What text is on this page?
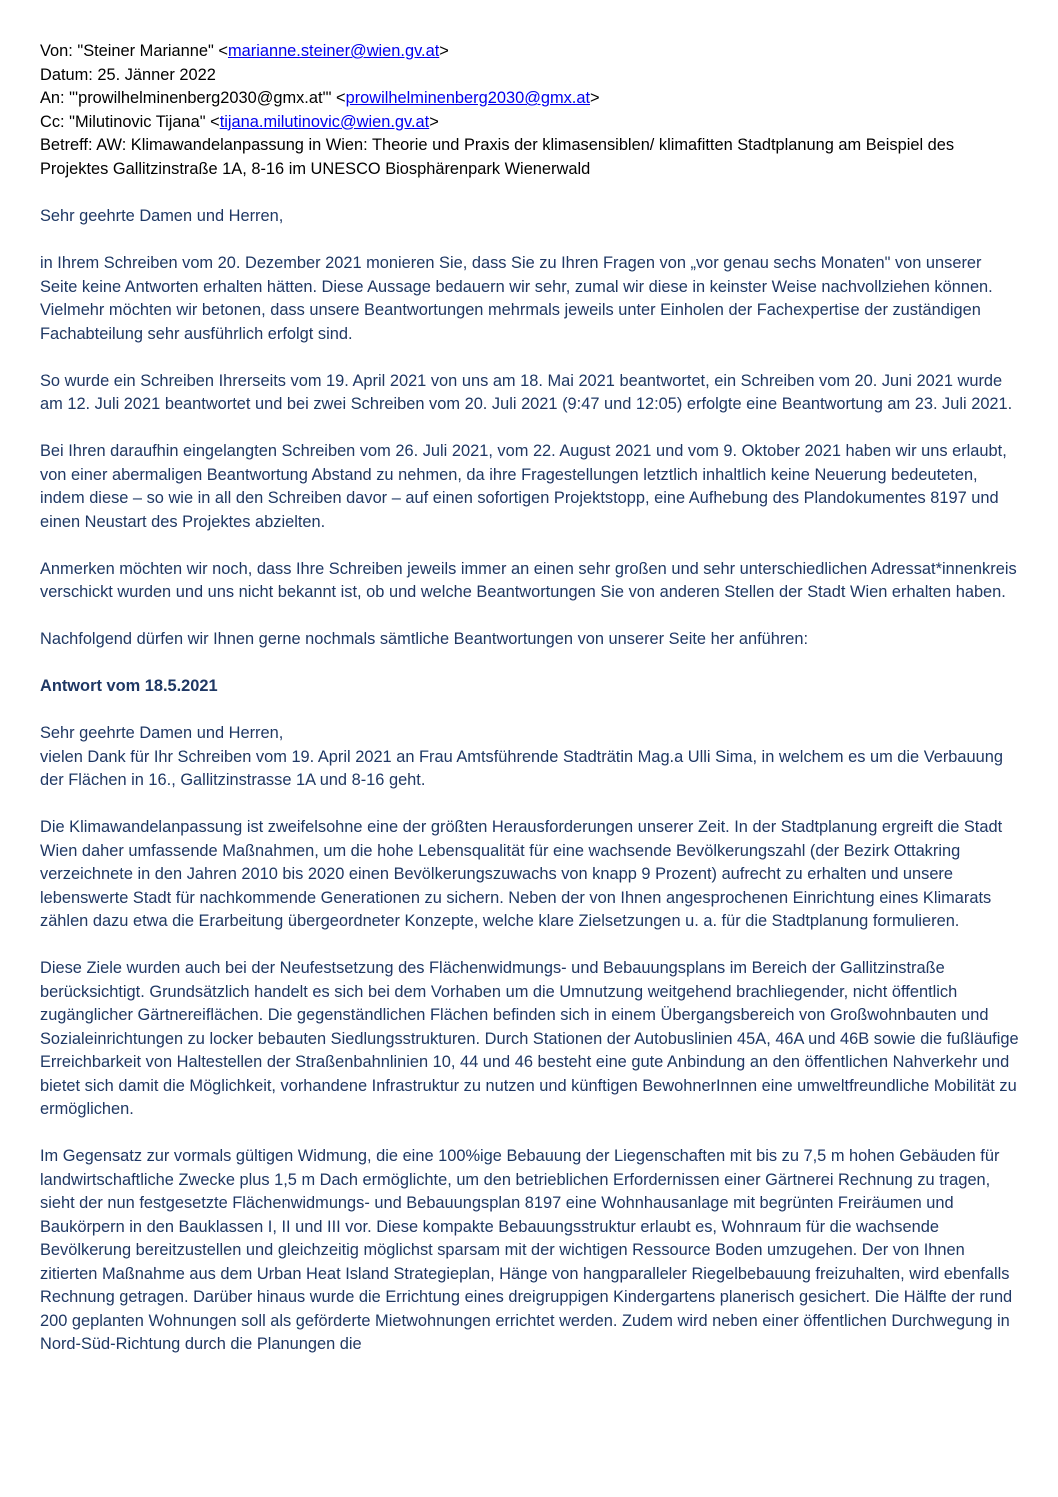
Von: "Steiner Marianne" <marianne.steiner@wien.gv.at>
Datum: 25. Jänner 2022
An: "'prowilhelminenberg2030@gmx.at'" <prowilhelminenberg2030@gmx.at>
Cc: "Milutinovic Tijana" <tijana.milutinovic@wien.gv.at>
Betreff: AW: Klimawandelanpassung in Wien: Theorie und Praxis der klimasensiblen/ klimafitten Stadtplanung am Beispiel des Projektes Gallitzinstraße 1A, 8-16 im UNESCO Biosphärenpark Wienerwald

Sehr geehrte Damen und Herren,

in Ihrem Schreiben vom 20. Dezember 2021 monieren Sie, dass Sie zu Ihren Fragen von „vor genau sechs Monaten" von unserer Seite keine Antworten erhalten hätten. Diese Aussage bedauern wir sehr, zumal wir diese in keinster Weise nachvollziehen können. Vielmehr möchten wir betonen, dass unsere Beantwortungen mehrmals jeweils unter Einholen der Fachexpertise der zuständigen Fachabteilung sehr ausführlich erfolgt sind.

So wurde ein Schreiben Ihrerseits vom 19. April 2021 von uns am 18. Mai 2021 beantwortet, ein Schreiben vom 20. Juni 2021 wurde am 12. Juli 2021 beantwortet und bei zwei Schreiben vom 20. Juli 2021 (9:47 und 12:05) erfolgte eine Beantwortung am 23. Juli 2021.

Bei Ihren daraufhin eingelangten Schreiben vom 26. Juli 2021, vom 22. August 2021 und vom 9. Oktober 2021 haben wir uns erlaubt, von einer abermaligen Beantwortung Abstand zu nehmen, da ihre Fragestellungen letztlich inhaltlich keine Neuerung bedeuteten, indem diese – so wie in all den Schreiben davor – auf einen sofortigen Projektstopp, eine Aufhebung des Plandokumentes 8197 und einen Neustart des Projektes abzielten.

Anmerken möchten wir noch, dass Ihre Schreiben jeweils immer an einen sehr großen und sehr unterschiedlichen Adressat*innenkreis verschickt wurden und uns nicht bekannt ist, ob und welche Beantwortungen Sie von anderen Stellen der Stadt Wien erhalten haben.

Nachfolgend dürfen wir Ihnen gerne nochmals sämtliche Beantwortungen von unserer Seite her anführen:

Antwort vom 18.5.2021

Sehr geehrte Damen und Herren,

vielen Dank für Ihr Schreiben vom 19. April 2021 an Frau Amtsführende Stadträtin Mag.a Ulli Sima, in welchem es um die Verbauung der Flächen in 16., Gallitzinstrasse 1A und 8-16 geht.

Die Klimawandelanpassung ist zweifelsohne eine der größten Herausforderungen unserer Zeit. In der Stadtplanung ergreift die Stadt Wien daher umfassende Maßnahmen, um die hohe Lebensqualität für eine wachsende Bevölkerungszahl (der Bezirk Ottakring verzeichnete in den Jahren 2010 bis 2020 einen Bevölkerungszuwachs von knapp 9 Prozent) aufrecht zu erhalten und unsere lebenswerte Stadt für nachkommende Generationen zu sichern. Neben der von Ihnen angesprochenen Einrichtung eines Klimarats zählen dazu etwa die Erarbeitung übergeordneter Konzepte, welche klare Zielsetzungen u. a. für die Stadtplanung formulieren.

Diese Ziele wurden auch bei der Neufestsetzung des Flächenwidmungs- und Bebauungsplans im Bereich der Gallitzinstraße berücksichtigt. Grundsätzlich handelt es sich bei dem Vorhaben um die Umnutzung weitgehend brachliegender, nicht öffentlich zugänglicher Gärtnereiflächen. Die gegenständlichen Flächen befinden sich in einem Übergangsbereich von Großwohnbauten und Sozialeinrichtungen zu locker bebauten Siedlungsstrukturen. Durch Stationen der Autobuslinien 45A, 46A und 46B sowie die fußläufige Erreichbarkeit von Haltestellen der Straßenbahnlinien 10, 44 und 46 besteht eine gute Anbindung an den öffentlichen Nahverkehr und bietet sich damit die Möglichkeit, vorhandene Infrastruktur zu nutzen und künftigen BewohnerInnen eine umweltfreundliche Mobilität zu ermöglichen.

Im Gegensatz zur vormals gültigen Widmung, die eine 100%ige Bebauung der Liegenschaften mit bis zu 7,5 m hohen Gebäuden für landwirtschaftliche Zwecke plus 1,5 m Dach ermöglichte, um den betrieblichen Erfordernissen einer Gärtnerei Rechnung zu tragen, sieht der nun festgesetzte Flächenwidmungs- und Bebauungsplan 8197 eine Wohnhausanlage mit begrünten Freiräumen und Baukörpern in den Bauklassen I, II und III vor. Diese kompakte Bebauungsstruktur erlaubt es, Wohnraum für die wachsende Bevölkerung bereitzustellen und gleichzeitig möglichst sparsam mit der wichtigen Ressource Boden umzugehen. Der von Ihnen zitierten Maßnahme aus dem Urban Heat Island Strategieplan, Hänge von hangparalleler Riegelbebauung freizuhalten, wird ebenfalls Rechnung getragen. Darüber hinaus wurde die Errichtung eines dreigruppigen Kindergartens planerisch gesichert. Die Hälfte der rund 200 geplanten Wohnungen soll als geförderte Mietwohnungen errichtet werden. Zudem wird neben einer öffentlichen Durchwegung in Nord-Süd-Richtung durch die Planungen die
